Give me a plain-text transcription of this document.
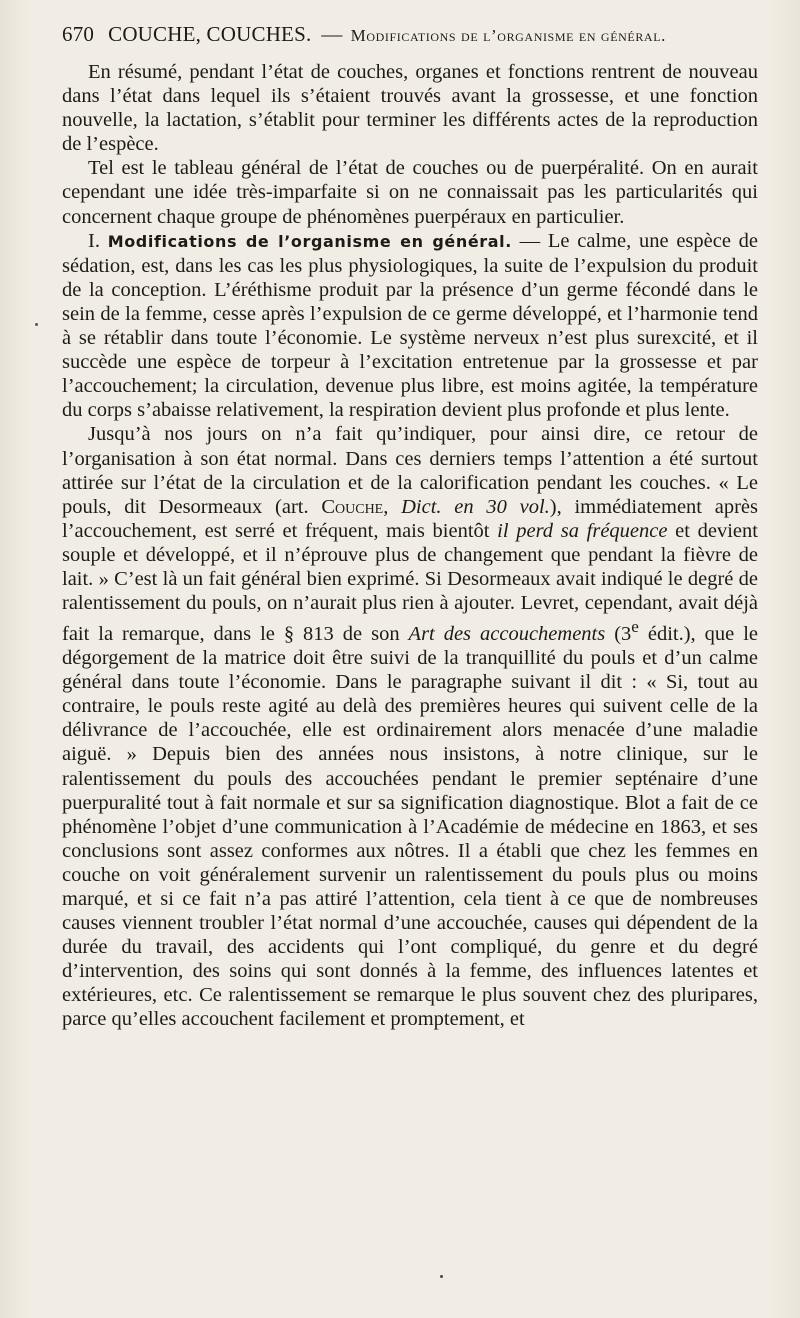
670 COUCHE, COUCHES. — Modifications de l’organisme en général.

En résumé, pendant l’état de couches, organes et fonctions rentrent de nouveau dans l’état dans lequel ils s’étaient trouvés avant la grossesse, et une fonction nouvelle, la lactation, s’établit pour terminer les différents actes de la reproduction de l’espèce.

Tel est le tableau général de l’état de couches ou de puerpéralité. On en aurait cependant une idée très-imparfaite si on ne connaissait pas les particularités qui concernent chaque groupe de phénomènes puerpéraux en particulier.

I. Modifications de l’organisme en général. — Le calme, une espèce de sédation, est, dans les cas les plus physiologiques, la suite de l’expulsion du produit de la conception. L’éréthisme produit par la présence d’un germe fécondé dans le sein de la femme, cesse après l’expulsion de ce germe développé, et l’harmonie tend à se rétablir dans toute l’économie. Le système nerveux n’est plus surexcité, et il succède une espèce de torpeur à l’excitation entretenue par la grossesse et par l’accouchement; la circulation, devenue plus libre, est moins agitée, la température du corps s’abaisse relativement, la respiration devient plus profonde et plus lente.

Jusqu’à nos jours on n’a fait qu’indiquer, pour ainsi dire, ce retour de l’organisation à son état normal. Dans ces derniers temps l’attention a été surtout attirée sur l’état de la circulation et de la calorification pendant les couches. « Le pouls, dit Desormeaux (art. Couche, Dict. en 30 vol.), immédiatement après l’accouchement, est serré et fréquent, mais bientôt il perd sa fréquence et devient souple et développé, et il n’éprouve plus de changement que pendant la fièvre de lait. » C’est là un fait général bien exprimé. Si Desormeaux avait indiqué le degré de ralentissement du pouls, on n’aurait plus rien à ajouter. Levret, cependant, avait déjà fait la remarque, dans le § 813 de son Art des accouchements (3e édit.), que le dégorgement de la matrice doit être suivi de la tranquillité du pouls et d’un calme général dans toute l’économie. Dans le paragraphe suivant il dit : « Si, tout au contraire, le pouls reste agité au delà des premières heures qui suivent celle de la délivrance de l’accouchée, elle est ordinairement alors menacée d’une maladie aiguë. » Depuis bien des années nous insistons, à notre clinique, sur le ralentissement du pouls des accouchées pendant le premier septénaire d’une puerpuralité tout à fait normale et sur sa signification diagnostique. Blot a fait de ce phénomène l’objet d’une communication à l’Académie de médecine en 1863, et ses conclusions sont assez conformes aux nôtres. Il a établi que chez les femmes en couche on voit généralement survenir un ralentissement du pouls plus ou moins marqué, et si ce fait n’a pas attiré l’attention, cela tient à ce que de nombreuses causes viennent troubler l’état normal d’une accouchée, causes qui dépendent de la durée du travail, des accidents qui l’ont compliqué, du genre et du degré d’intervention, des soins qui sont donnés à la femme, des influences latentes et extérieures, etc. Ce ralentissement se remarque le plus souvent chez des pluripares, parce qu’elles accouchent facilement et promptement, et
